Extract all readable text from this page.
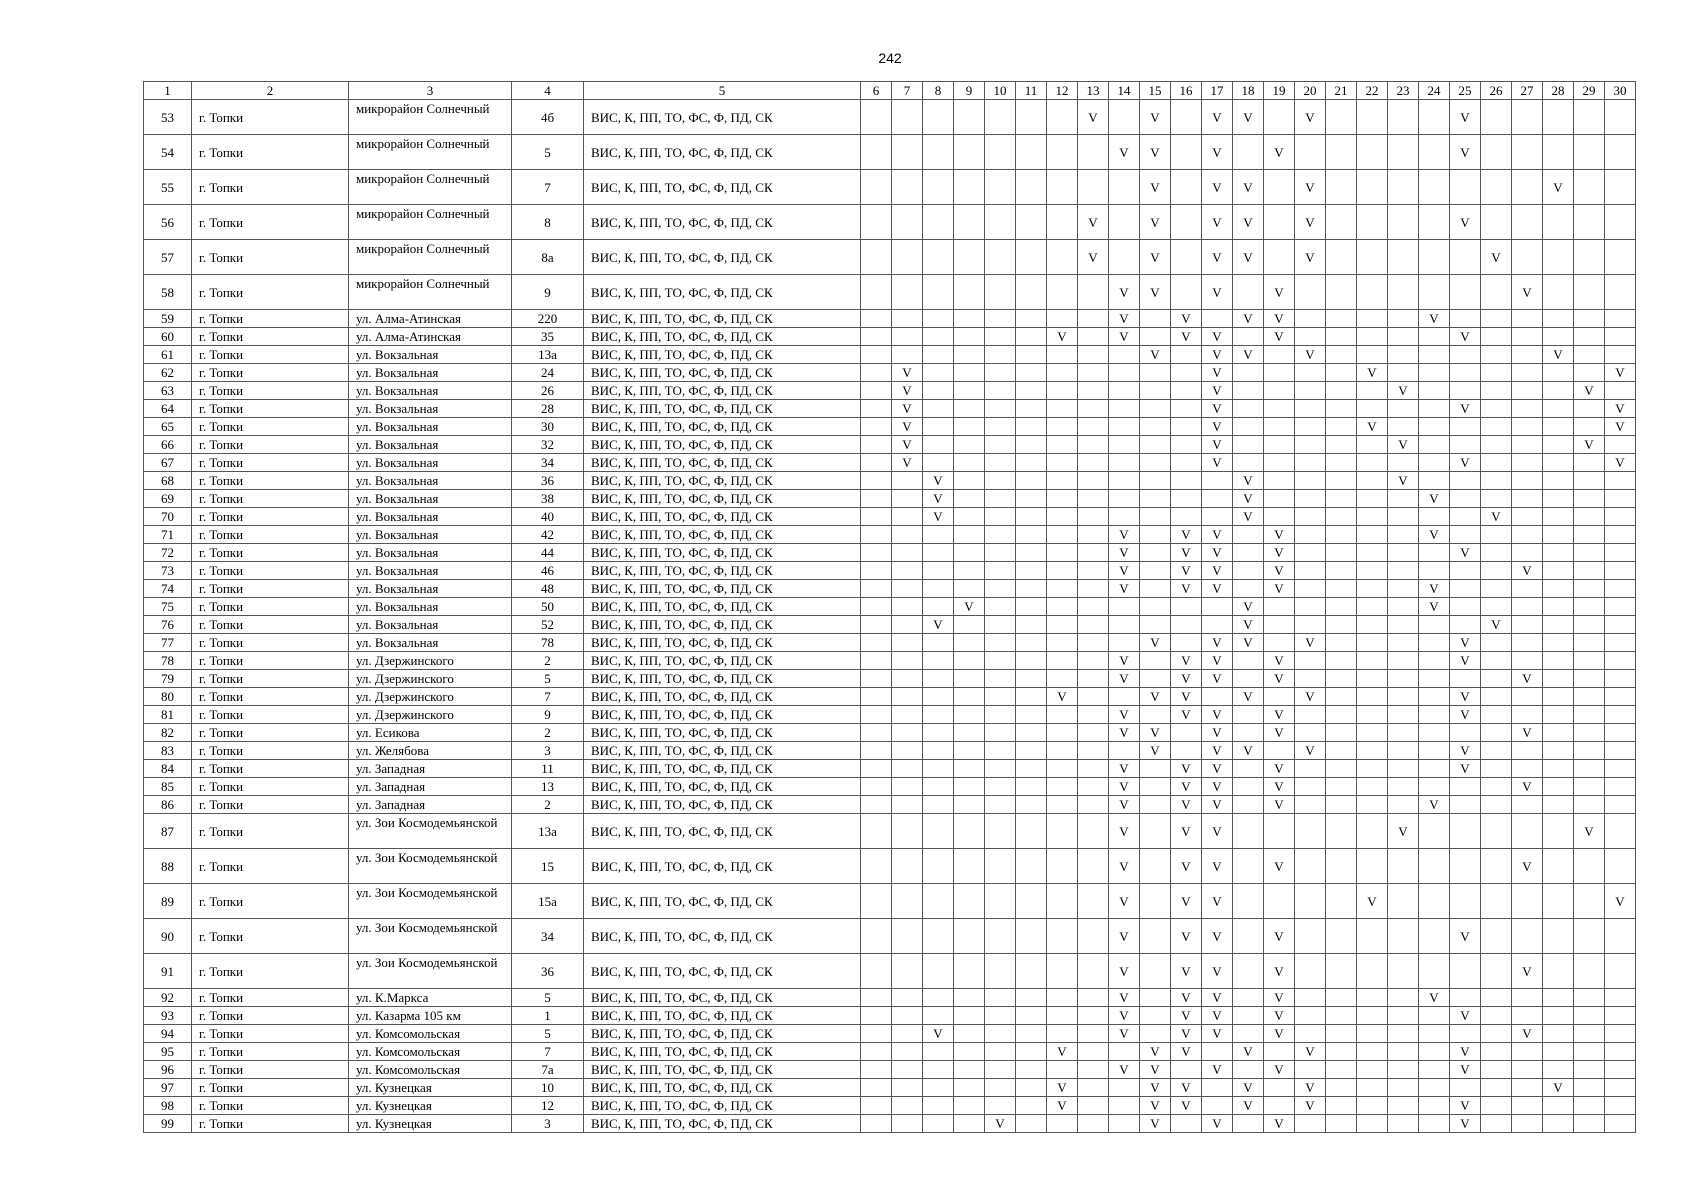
242
1	2	3	4	5	6	7	8	9	10	11	12	13	14	15	16	17	18	19	20	21	22	23	24	25	26	27	28	29	30
53	г. Топки	микрорайон Солнечный	4б	ВИС, К, ПП, ТО, ФС, Ф, ПД, СК								V		V		V	V		V					V					
54	г. Топки	микрорайон Солнечный	5	ВИС, К, ПП, ТО, ФС, Ф, ПД, СК									V	V		V		V						V					
55	г. Топки	микрорайон Солнечный	7	ВИС, К, ПП, ТО, ФС, Ф, ПД, СК										V		V	V		V								V		
56	г. Топки	микрорайон Солнечный	8	ВИС, К, ПП, ТО, ФС, Ф, ПД, СК								V		V		V	V		V					V					
57	г. Топки	микрорайон Солнечный	8а	ВИС, К, ПП, ТО, ФС, Ф, ПД, СК								V		V		V	V		V						V				
58	г. Топки	микрорайон Солнечный	9	ВИС, К, ПП, ТО, ФС, Ф, ПД, СК									V	V		V		V								V			
59	г. Топки	ул. Алма-Атинская	220	ВИС, К, ПП, ТО, ФС, Ф, ПД, СК									V		V		V	V					V						
60	г. Топки	ул. Алма-Атинская	35	ВИС, К, ПП, ТО, ФС, Ф, ПД, СК							V		V		V	V		V						V					
61	г. Топки	ул. Вокзальная	13а	ВИС, К, ПП, ТО, ФС, Ф, ПД, СК										V		V	V		V								V		
62	г. Топки	ул. Вокзальная	24	ВИС, К, ПП, ТО, ФС, Ф, ПД, СК		V										V					V								V
63	г. Топки	ул. Вокзальная	26	ВИС, К, ПП, ТО, ФС, Ф, ПД, СК		V										V						V						V	
64	г. Топки	ул. Вокзальная	28	ВИС, К, ПП, ТО, ФС, Ф, ПД, СК		V										V								V					V
65	г. Топки	ул. Вокзальная	30	ВИС, К, ПП, ТО, ФС, Ф, ПД, СК		V										V					V								V
66	г. Топки	ул. Вокзальная	32	ВИС, К, ПП, ТО, ФС, Ф, ПД, СК		V										V						V						V	
67	г. Топки	ул. Вокзальная	34	ВИС, К, ПП, ТО, ФС, Ф, ПД, СК		V										V								V					V
68	г. Топки	ул. Вокзальная	36	ВИС, К, ПП, ТО, ФС, Ф, ПД, СК			V										V					V							
69	г. Топки	ул. Вокзальная	38	ВИС, К, ПП, ТО, ФС, Ф, ПД, СК			V										V						V						
70	г. Топки	ул. Вокзальная	40	ВИС, К, ПП, ТО, ФС, Ф, ПД, СК			V										V								V				
71	г. Топки	ул. Вокзальная	42	ВИС, К, ПП, ТО, ФС, Ф, ПД, СК									V		V	V		V					V						
72	г. Топки	ул. Вокзальная	44	ВИС, К, ПП, ТО, ФС, Ф, ПД, СК									V		V	V		V						V					
73	г. Топки	ул. Вокзальная	46	ВИС, К, ПП, ТО, ФС, Ф, ПД, СК									V		V	V		V								V			
74	г. Топки	ул. Вокзальная	48	ВИС, К, ПП, ТО, ФС, Ф, ПД, СК									V		V	V		V					V						
75	г. Топки	ул. Вокзальная	50	ВИС, К, ПП, ТО, ФС, Ф, ПД, СК				V									V						V						
76	г. Топки	ул. Вокзальная	52	ВИС, К, ПП, ТО, ФС, Ф, ПД, СК			V										V								V				
77	г. Топки	ул. Вокзальная	78	ВИС, К, ПП, ТО, ФС, Ф, ПД, СК										V		V	V		V					V					
78	г. Топки	ул. Дзержинского	2	ВИС, К, ПП, ТО, ФС, Ф, ПД, СК									V		V	V		V						V					
79	г. Топки	ул. Дзержинского	5	ВИС, К, ПП, ТО, ФС, Ф, ПД, СК									V		V	V		V								V			
80	г. Топки	ул. Дзержинского	7	ВИС, К, ПП, ТО, ФС, Ф, ПД, СК							V			V	V		V		V					V					
81	г. Топки	ул. Дзержинского	9	ВИС, К, ПП, ТО, ФС, Ф, ПД, СК									V		V	V		V						V					
82	г. Топки	ул. Есикова	2	ВИС, К, ПП, ТО, ФС, Ф, ПД, СК									V	V		V		V								V			
83	г. Топки	ул. Желябова	3	ВИС, К, ПП, ТО, ФС, Ф, ПД, СК										V		V	V		V					V					
84	г. Топки	ул. Западная	11	ВИС, К, ПП, ТО, ФС, Ф, ПД, СК									V		V	V		V						V					
85	г. Топки	ул. Западная	13	ВИС, К, ПП, ТО, ФС, Ф, ПД, СК									V		V	V		V								V			
86	г. Топки	ул. Западная	2	ВИС, К, ПП, ТО, ФС, Ф, ПД, СК									V		V	V		V					V						
87	г. Топки	ул. Зои Космодемьянской	13а	ВИС, К, ПП, ТО, ФС, Ф, ПД, СК									V		V	V						V						V	
88	г. Топки	ул. Зои Космодемьянской	15	ВИС, К, ПП, ТО, ФС, Ф, ПД, СК									V		V	V		V								V			
89	г. Топки	ул. Зои Космодемьянской	15а	ВИС, К, ПП, ТО, ФС, Ф, ПД, СК									V		V	V					V								V
90	г. Топки	ул. Зои Космодемьянской	34	ВИС, К, ПП, ТО, ФС, Ф, ПД, СК									V		V	V		V						V					
91	г. Топки	ул. Зои Космодемьянской	36	ВИС, К, ПП, ТО, ФС, Ф, ПД, СК									V		V	V		V								V			
92	г. Топки	ул. К.Маркса	5	ВИС, К, ПП, ТО, ФС, Ф, ПД, СК									V		V	V		V					V						
93	г. Топки	ул. Казарма 105 км	1	ВИС, К, ПП, ТО, ФС, Ф, ПД, СК									V		V	V		V						V					
94	г. Топки	ул. Комсомольская	5	ВИС, К, ПП, ТО, ФС, Ф, ПД, СК			V						V		V	V		V								V			
95	г. Топки	ул. Комсомольская	7	ВИС, К, ПП, ТО, ФС, Ф, ПД, СК							V			V	V		V		V					V					
96	г. Топки	ул. Комсомольская	7а	ВИС, К, ПП, ТО, ФС, Ф, ПД, СК									V	V		V		V						V					
97	г. Топки	ул. Кузнецкая	10	ВИС, К, ПП, ТО, ФС, Ф, ПД, СК							V			V	V		V		V								V		
98	г. Топки	ул. Кузнецкая	12	ВИС, К, ПП, ТО, ФС, Ф, ПД, СК							V			V	V		V		V					V					
99	г. Топки	ул. Кузнецкая	3	ВИС, К, ПП, ТО, ФС, Ф, ПД, СК					V					V		V		V						V					
